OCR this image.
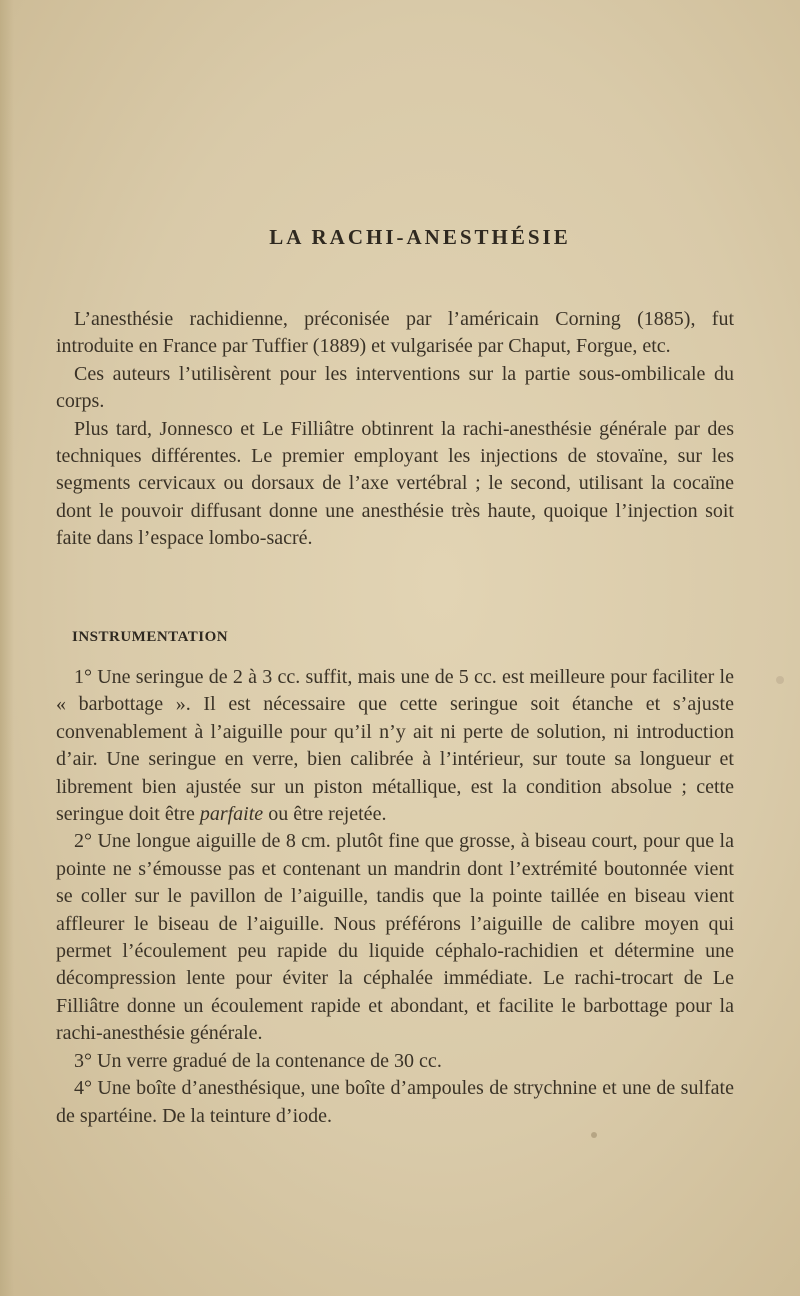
LA RACHI-ANESTHÉSIE

L’anesthésie rachidienne, préconisée par l’américain Corning (1885), fut introduite en France par Tuffier (1889) et vulgarisée par Chaput, Forgue, etc.

Ces auteurs l’utilisèrent pour les interventions sur la partie sous-ombilicale du corps.

Plus tard, Jonnesco et Le Filliâtre obtinrent la rachi-anesthésie générale par des techniques différentes. Le premier employant les injections de stovaïne, sur les segments cervicaux ou dorsaux de l’axe vertébral ; le second, utilisant la cocaïne dont le pouvoir diffusant donne une anesthésie très haute, quoique l’injection soit faite dans l’espace lombo-sacré.

INSTRUMENTATION

1° Une seringue de 2 à 3 cc. suffit, mais une de 5 cc. est meilleure pour faciliter le « barbottage ». Il est nécessaire que cette seringue soit étanche et s’ajuste convenablement à l’aiguille pour qu’il n’y ait ni perte de solution, ni introduction d’air. Une seringue en verre, bien calibrée à l’intérieur, sur toute sa longueur et librement bien ajustée sur un piston métallique, est la condition absolue ; cette seringue doit être parfaite ou être rejetée.

2° Une longue aiguille de 8 cm. plutôt fine que grosse, à biseau court, pour que la pointe ne s’émousse pas et contenant un mandrin dont l’extrémité boutonnée vient se coller sur le pavillon de l’aiguille, tandis que la pointe taillée en biseau vient affleurer le biseau de l’aiguille. Nous préférons l’aiguille de calibre moyen qui permet l’écoulement peu rapide du liquide céphalo-rachidien et détermine une décompression lente pour éviter la céphalée immédiate. Le rachi-trocart de Le Filliâtre donne un écoulement rapide et abondant, et facilite le barbottage pour la rachi-anesthésie générale.

3° Un verre gradué de la contenance de 30 cc.

4° Une boîte d’anesthésique, une boîte d’ampoules de strychnine et une de sulfate de spartéine. De la teinture d’iode.
